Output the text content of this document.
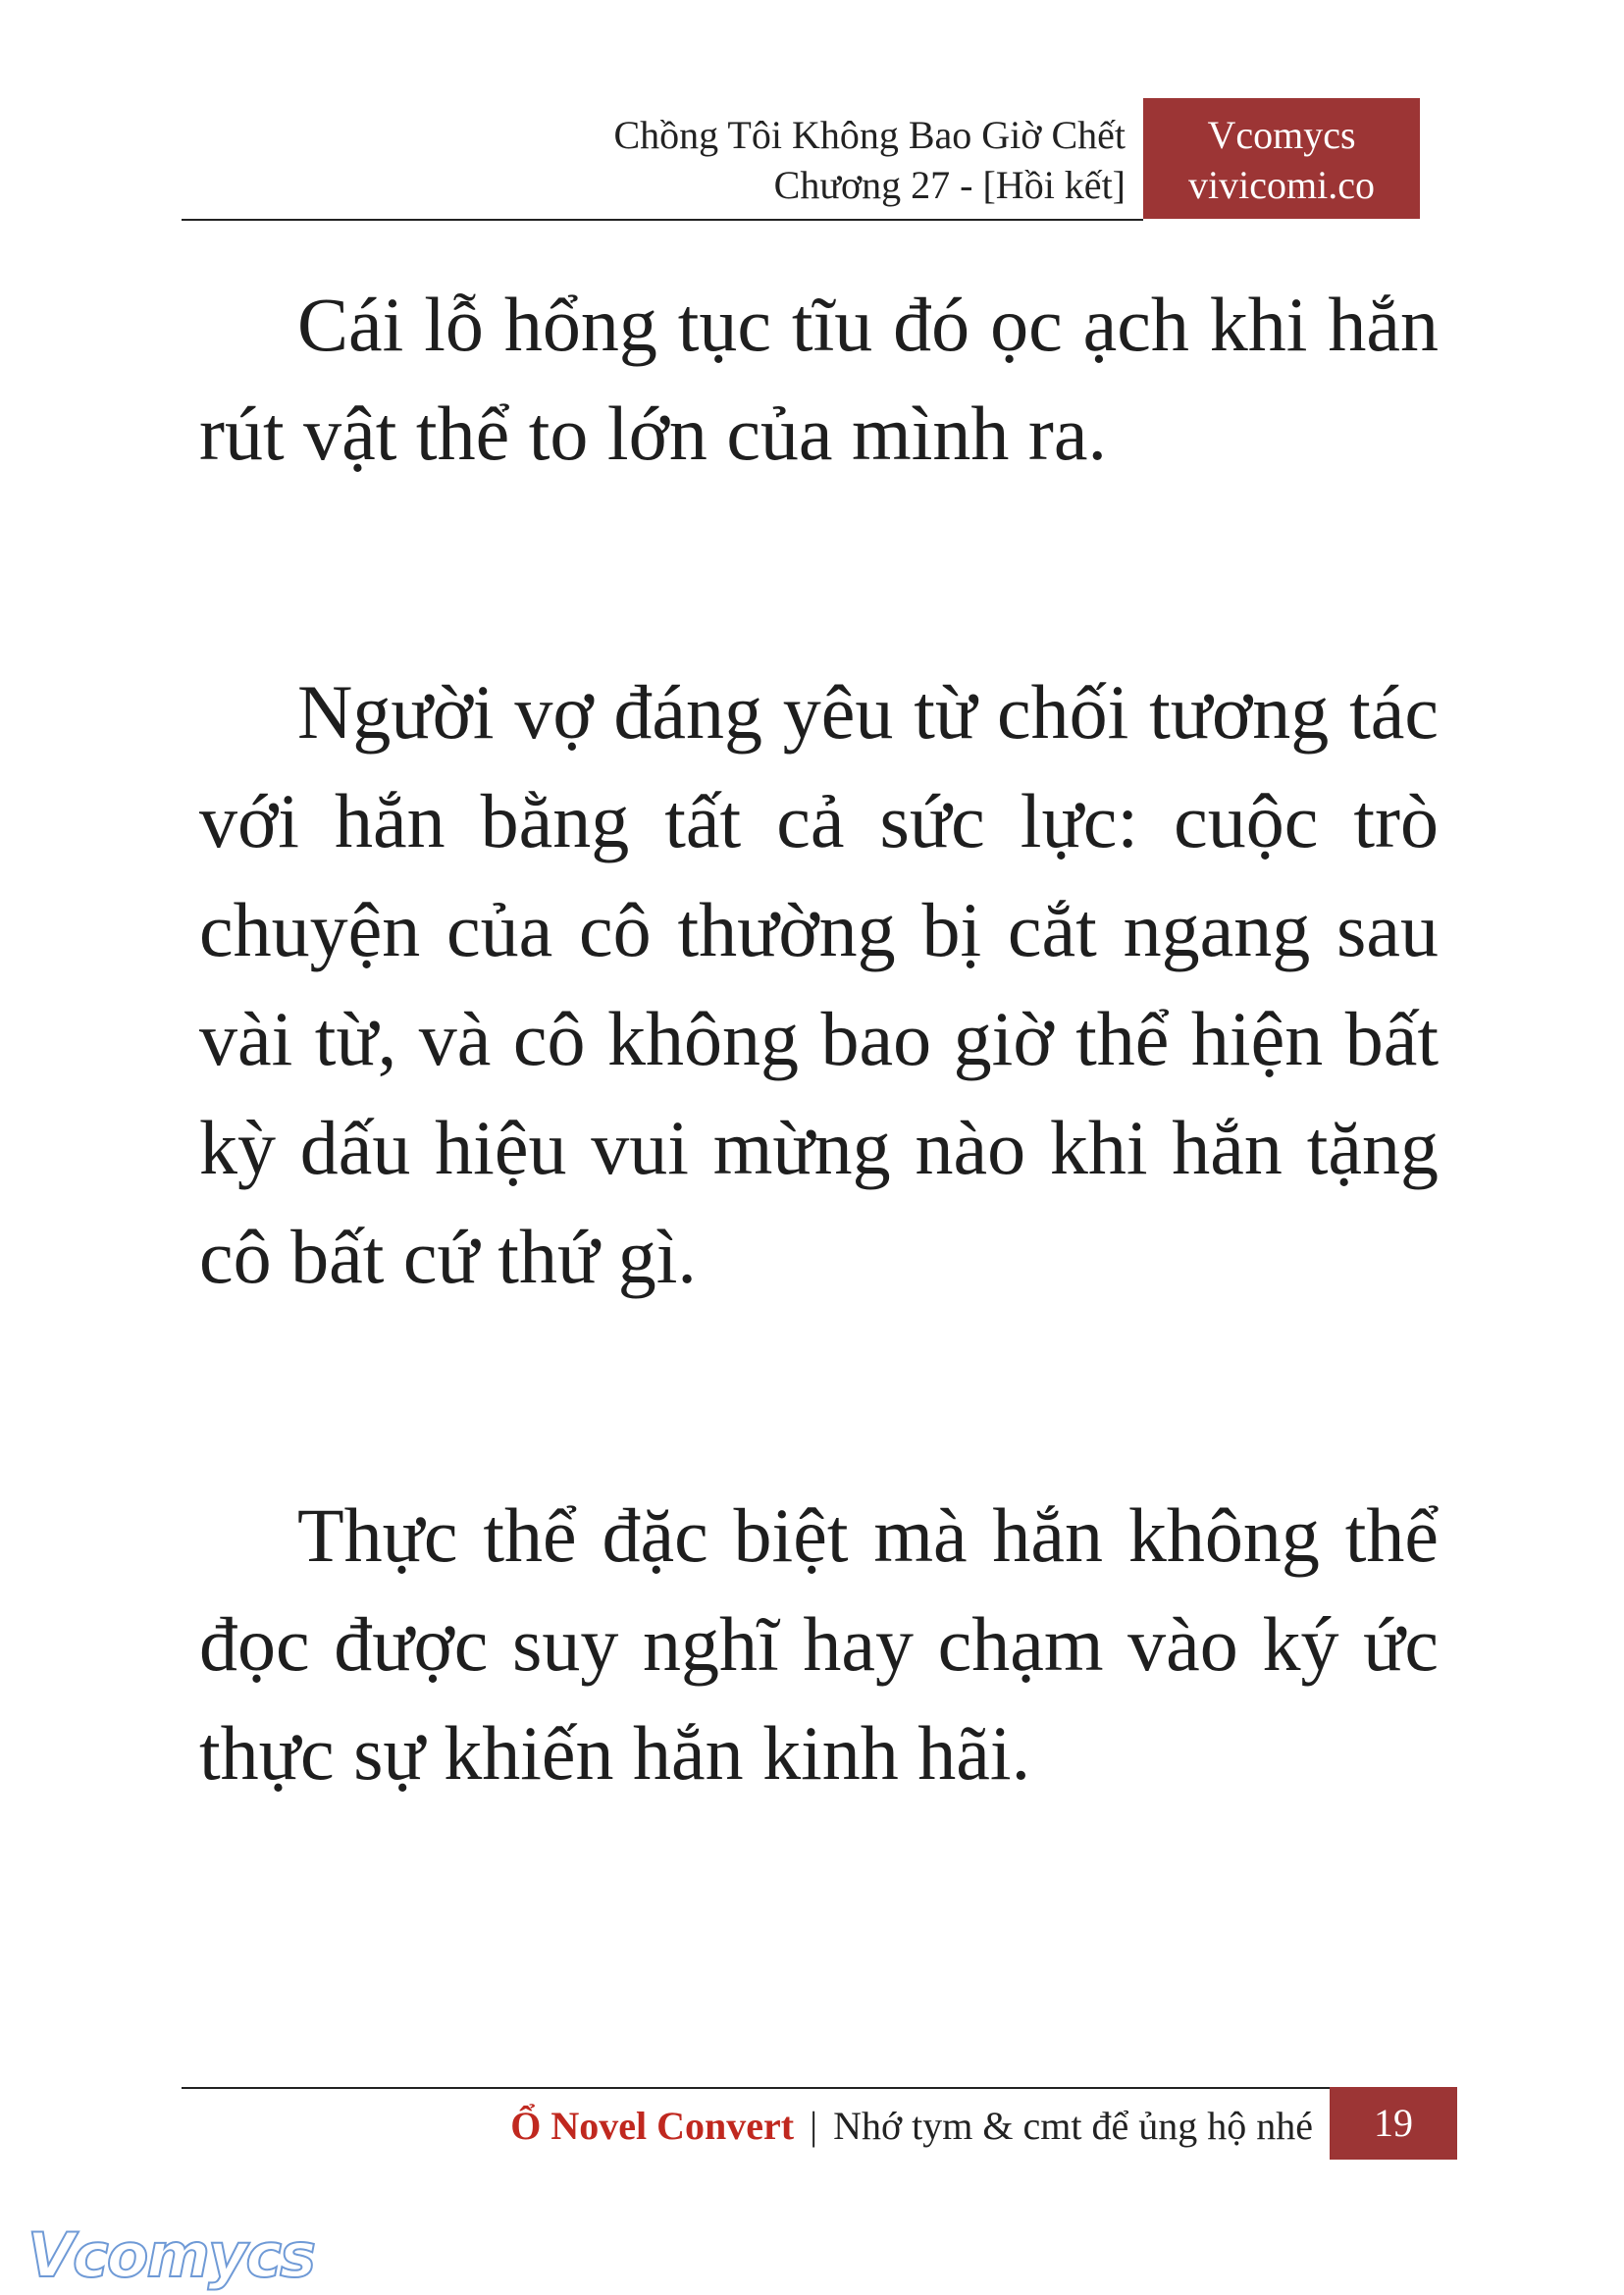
Chồng Tôi Không Bao Giờ Chết
Chương 27 - [Hồi kết]
Vcomycs
vivicomi.co

Cái lỗ hổng tục tĩu đó ọc ạch khi hắn rút vật thể to lớn của mình ra.

Người vợ đáng yêu từ chối tương tác với hắn bằng tất cả sức lực: cuộc trò chuyện của cô thường bị cắt ngang sau vài từ, và cô không bao giờ thể hiện bất kỳ dấu hiệu vui mừng nào khi hắn tặng cô bất cứ thứ gì.

Thực thể đặc biệt mà hắn không thể đọc được suy nghĩ hay chạm vào ký ức thực sự khiến hắn kinh hãi.

Ổ Novel Convert | Nhớ tym & cmt để ủng hộ nhé	19
Vcomycs
